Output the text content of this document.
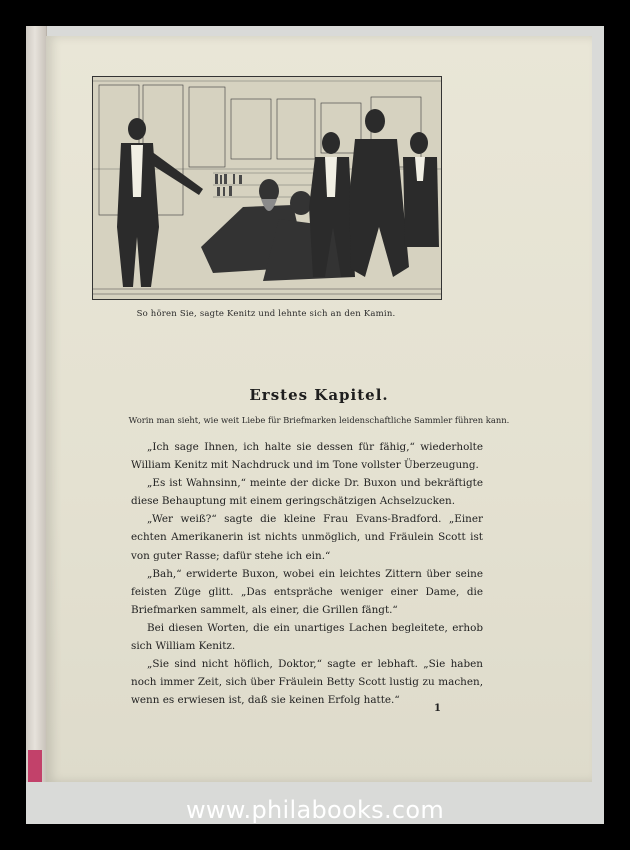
So hören Sie, sagte Kenitz und lehnte sich an den Kamin.
Erstes Kapitel.
Worin man sieht, wie weit Liebe für Briefmarken leidenschaftliche Sammler führen kann.

„Ich sage Ihnen, ich halte sie dessen für fähig,“ wiederholte William Kenitz mit Nachdruck und im Tone vollster Überzeugung.

„Es ist Wahnsinn,“ meinte der dicke Dr. Buxon und bekräftigte diese Behauptung mit einem geringschätzigen Achselzucken.

„Wer weiß?“ sagte die kleine Frau Evans-Bradford. „Einer echten Amerikanerin ist nichts unmöglich, und Fräulein Scott ist von guter Rasse; dafür stehe ich ein.“

„Bah,“ erwiderte Buxon, wobei ein leichtes Zittern über seine feisten Züge glitt. „Das entspräche weniger einer Dame, die Briefmarken sammelt, als einer, die Grillen fängt.“

Bei diesen Worten, die ein unartiges Lachen begleitete, erhob sich William Kenitz.

„Sie sind nicht höflich, Doktor,“ sagte er lebhaft. „Sie haben noch immer Zeit, sich über Fräulein Betty Scott lustig zu machen, wenn es erwiesen ist, daß sie keinen Erfolg hatte.“

1
www.philabooks.com
